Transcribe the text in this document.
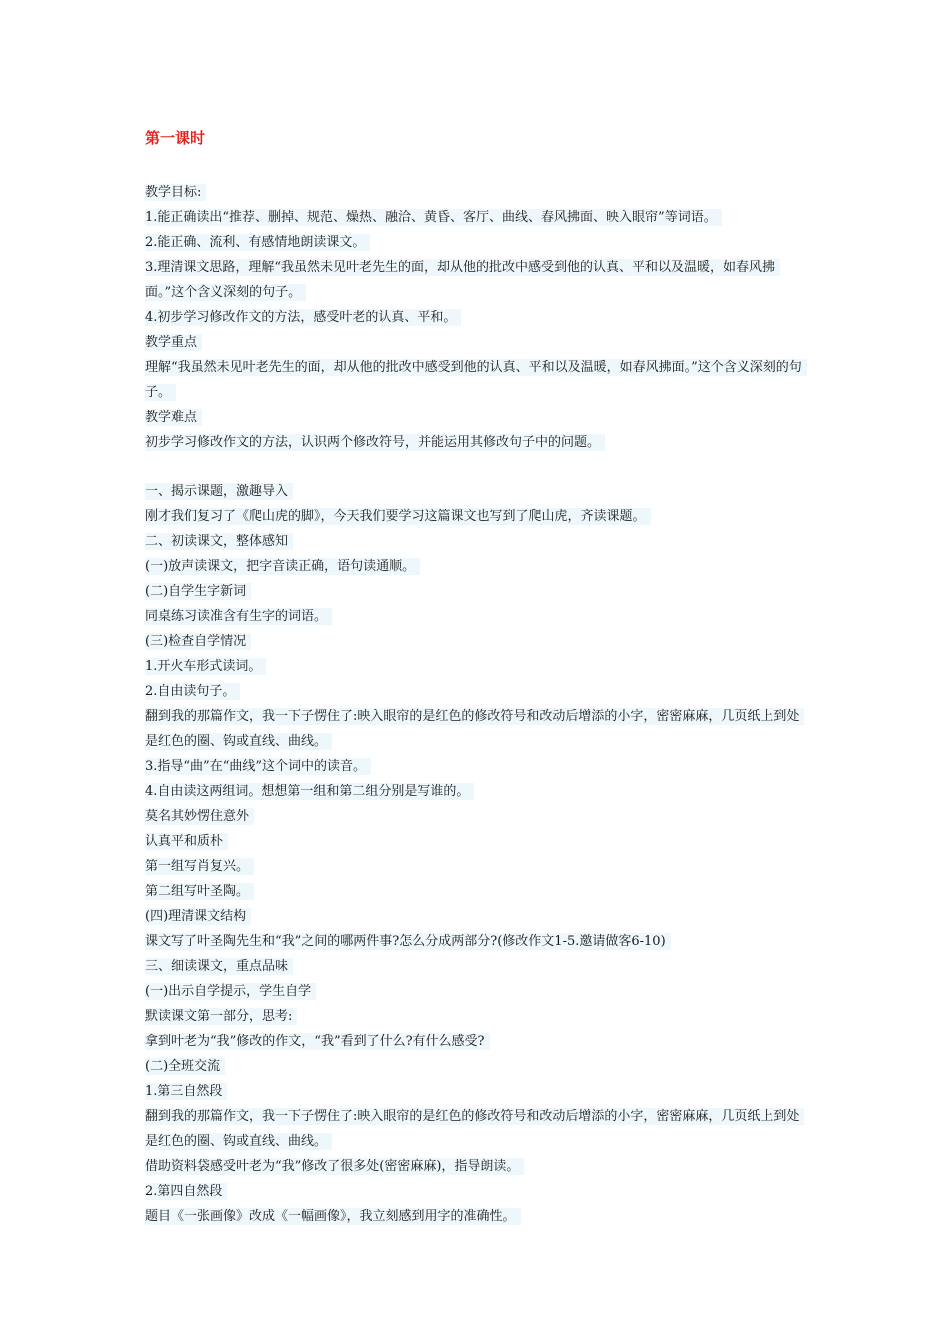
第一课时

教学目标:

1.能正确读出“推荐、删掉、规范、燥热、融洽、黄昏、客厅、曲线、春风拂面、映入眼帘”等词语。

2.能正确、流利、有感情地朗读课文。

3.理清课文思路，理解“我虽然未见叶老先生的面，却从他的批改中感受到他的认真、平和以及温暖，如春风拂面。”这个含义深刻的句子。

4.初步学习修改作文的方法，感受叶老的认真、平和。

教学重点

理解“我虽然未见叶老先生的面，却从他的批改中感受到他的认真、平和以及温暖，如春风拂面。”这个含义深刻的句子。

教学难点

初步学习修改作文的方法，认识两个修改符号，并能运用其修改句子中的问题。

一、揭示课题，激趣导入

刚才我们复习了《爬山虎的脚》，今天我们要学习这篇课文也写到了爬山虎，齐读课题。

二、初读课文，整体感知

(一)放声读课文，把字音读正确，语句读通顺。

(二)自学生字新词

同桌练习读准含有生字的词语。

(三)检查自学情况

1.开火车形式读词。

2.自由读句子。

翻到我的那篇作文，我一下子愣住了:映入眼帘的是红色的修改符号和改动后增添的小字，密密麻麻，几页纸上到处是红色的圈、钩或直线、曲线。

3.指导“曲”在“曲线”这个词中的读音。

4.自由读这两组词。想想第一组和第二组分别是写谁的。

莫名其妙愣住意外

认真平和质朴

第一组写肖复兴。

第二组写叶圣陶。

(四)理清课文结构

课文写了叶圣陶先生和“我”之间的哪两件事?怎么分成两部分?(修改作文1-5.邀请做客6-10)

三、细读课文，重点品味

(一)出示自学提示，学生自学

默读课文第一部分，思考:

拿到叶老为“我”修改的作文，“我”看到了什么?有什么感受?

(二)全班交流

1.第三自然段

翻到我的那篇作文，我一下子愣住了:映入眼帘的是红色的修改符号和改动后增添的小字，密密麻麻，几页纸上到处是红色的圈、钩或直线、曲线。

借助资料袋感受叶老为“我”修改了很多处(密密麻麻)，指导朗读。

2.第四自然段

题目《一张画像》改成《一幅画像》，我立刻感到用字的准确性。
